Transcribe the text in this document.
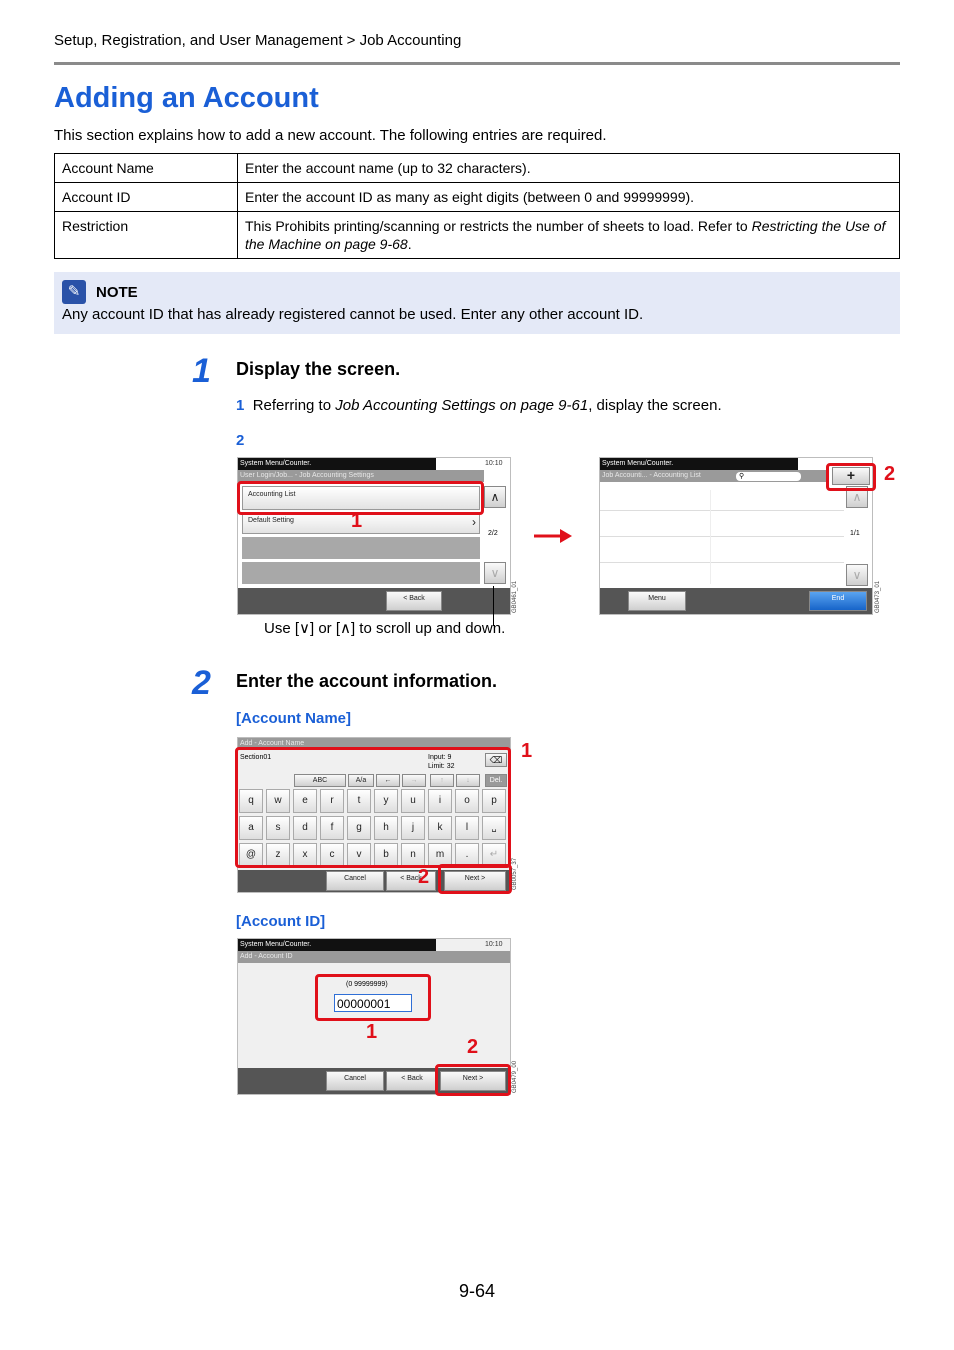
Setup, Registration, and User Management > Job Accounting
Adding an Account
This section explains how to add a new account. The following entries are required.
Account Name	Enter the account name (up to 32 characters).
Account ID	Enter the account ID as many as eight digits (between 0 and 99999999).
Restriction	This Prohibits printing/scanning or restricts the number of sheets to load. Refer to Restricting the Use of the Machine on page 9-68.
✎	NOTE
Any account ID that has already registered cannot be used. Enter any other account ID.
1 Display the screen.
1 Referring to Job Accounting Settings on page 9-61, display the screen.
2
System Menu/Counter.	10:10
User Login/Job... - Job Accounting Settings
Accounting List
Default Setting	›
∧
2/2
∨
< Back
1
GB0461_01
Use [∨] or [∧] to scroll up and down.
System Menu/Counter.
Job Accounti... - Accounting List	⚲
∧
1/1
∨
Menu	End
+	2
GB0473_01
2 Enter the account information.
[Account Name]
Add - Account Name
Section01	Input: 9
Limit: 32
⌫
ABC	A/a	←	→	↑	↓	Del.
q	w	e	r	t	y	u	i	o	p
a	s	d	f	g	h	j	k	l	␣
@	z	x	c	v	b	n	m	.	↵
Cancel	< Back	Next >
1
2	GB0057_37
[Account ID]
System Menu/Counter.	10:10
Add - Account ID
(0 99999999)
00000001
Cancel	< Back	Next >
1
2
GB0479_00
9-64
